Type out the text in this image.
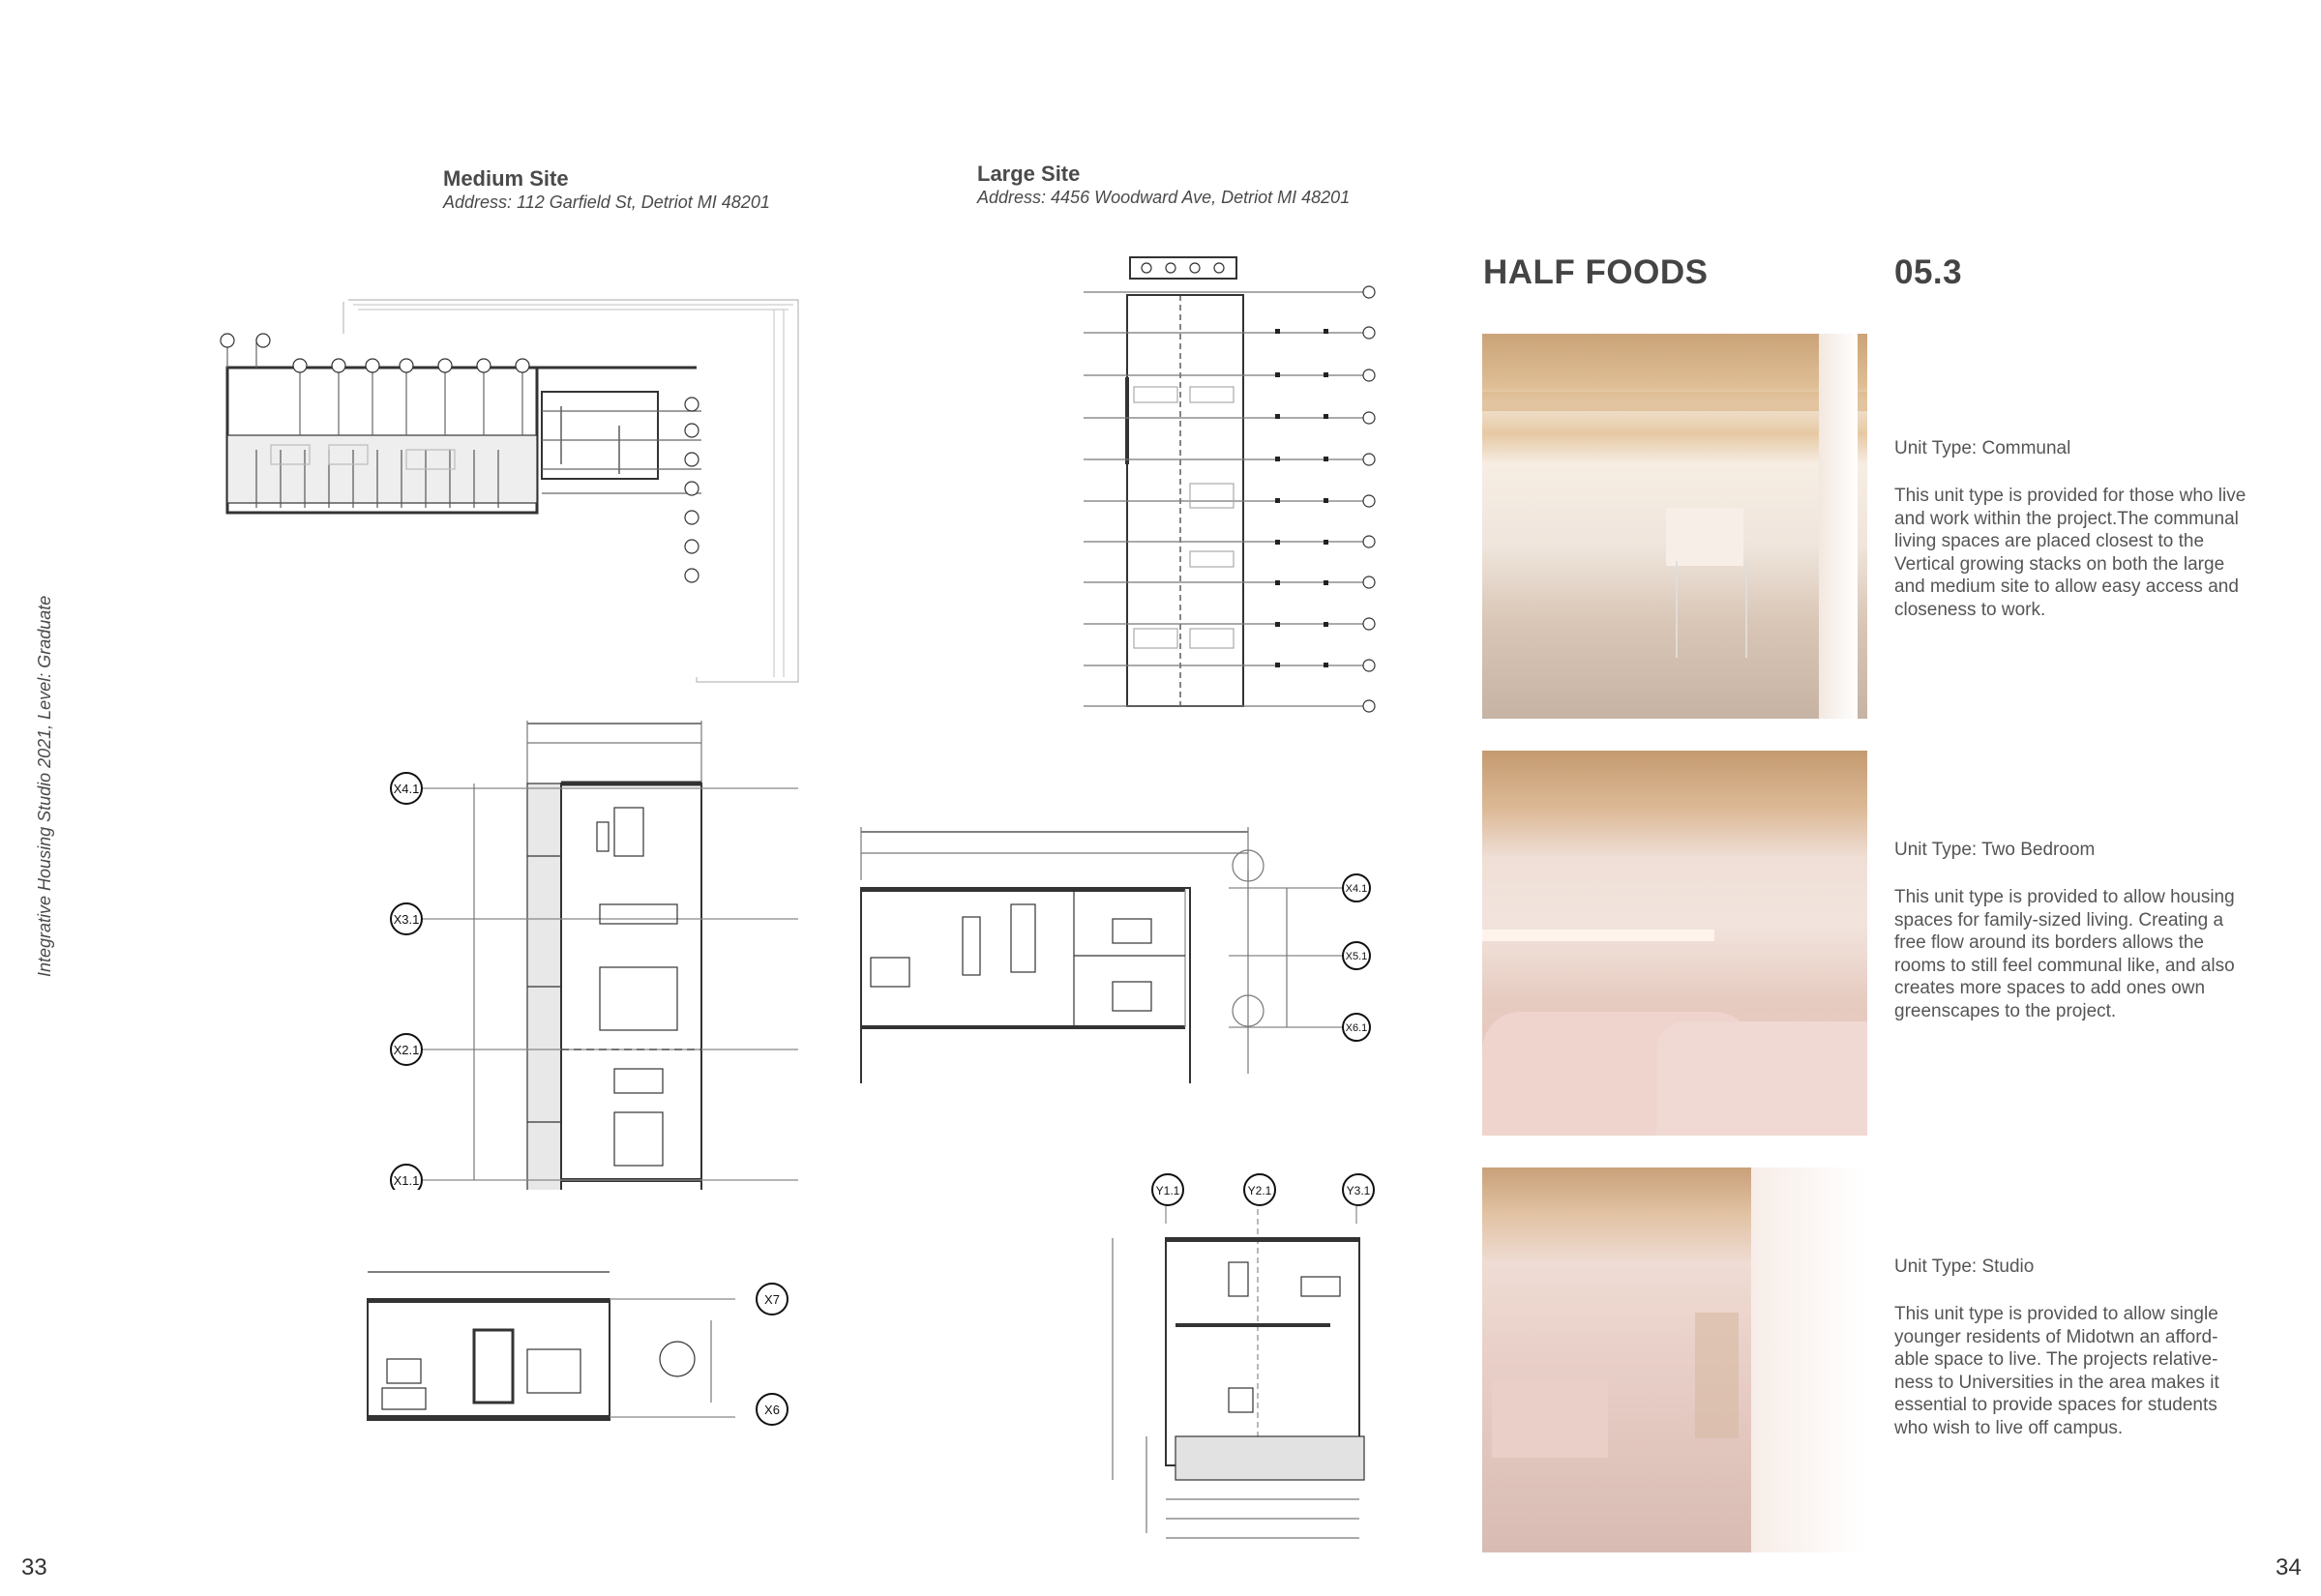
Medium Site
Address: 112 Garfield St, Detriot MI 48201
Large Site
Address: 4456 Woodward Ave, Detriot MI 48201
Integrative Housing Studio 2021, Level: Graduate
33	34
HALF FOODS	05.3
X4.1
X3.1
X2.1
X1.1
X4.1
X5.1
X6.1
X7
X6
Y1.1	Y2.1	Y3.1
Unit Type: Communal
This unit type is provided for those who live and work within the project.The communal living spaces are placed closest to the Vertical growing stacks on both the large and medium site to allow easy access and closeness to work.
Unit Type: Two Bedroom
This unit type is provided to allow housing spaces for family-sized living. Creating a free flow around its borders allows the rooms to still feel communal like, and also creates more spaces to add ones own greenscapes to the project.
Unit Type: Studio
This unit type is provided to allow single younger residents of Midotwn an afford-able space to live. The projects relative-ness to Universities in the area makes it essential to provide spaces for students who wish to live off campus.
